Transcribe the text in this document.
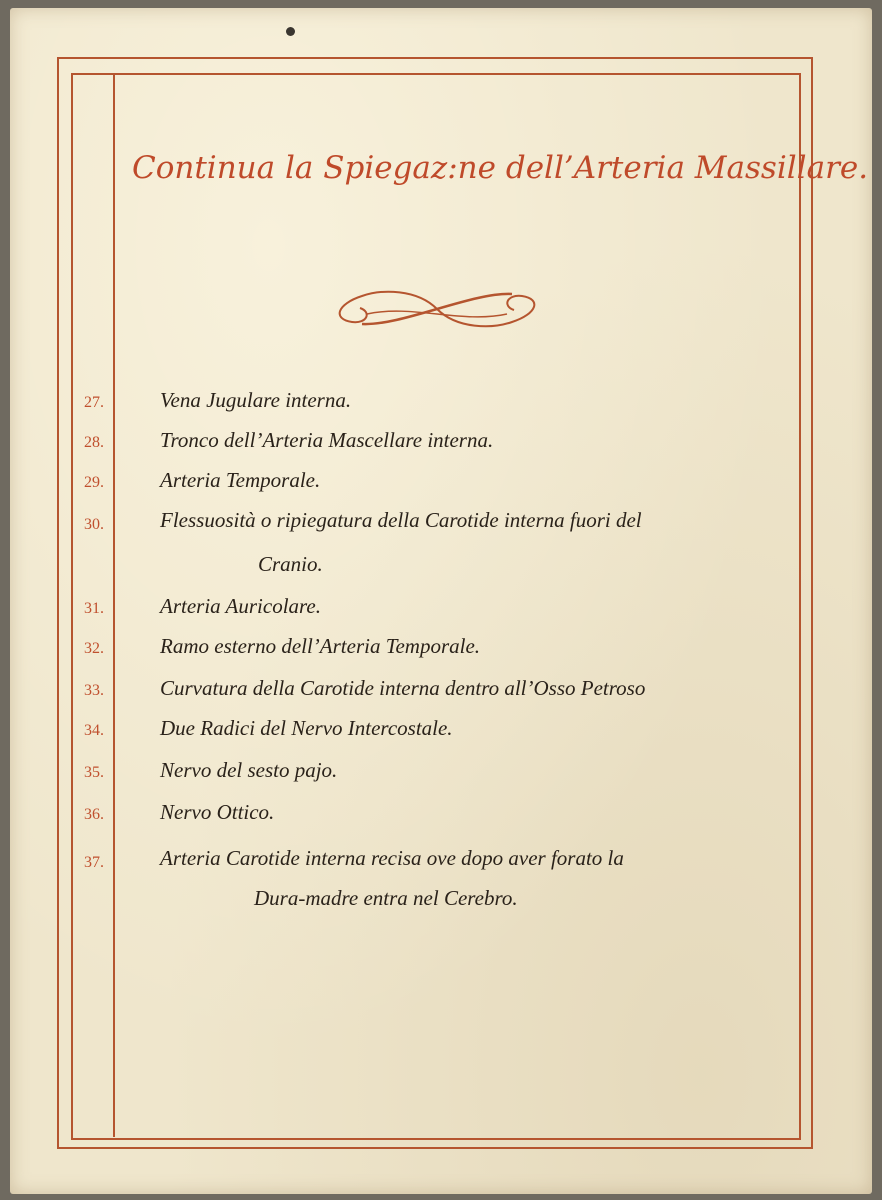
Continua la Spiegaz:ne dell’Arteria Massillare.
27.	Vena Jugulare interna.
28.	Tronco dell’Arteria Mascellare interna.
29.	Arteria Temporale.
30.	Flessuosità o ripiegatura della Carotide interna fuori del
Cranio.
31.	Arteria Auricolare.
32.	Ramo esterno dell’Arteria Temporale.
33.	Curvatura della Carotide interna dentro all’Osso Petroso
34.	Due Radici del Nervo Intercostale.
35.	Nervo del sesto pajo.
36.	Nervo Ottico.
37.	Arteria Carotide interna recisa ove dopo aver forato la
Dura-madre entra nel Cerebro.
